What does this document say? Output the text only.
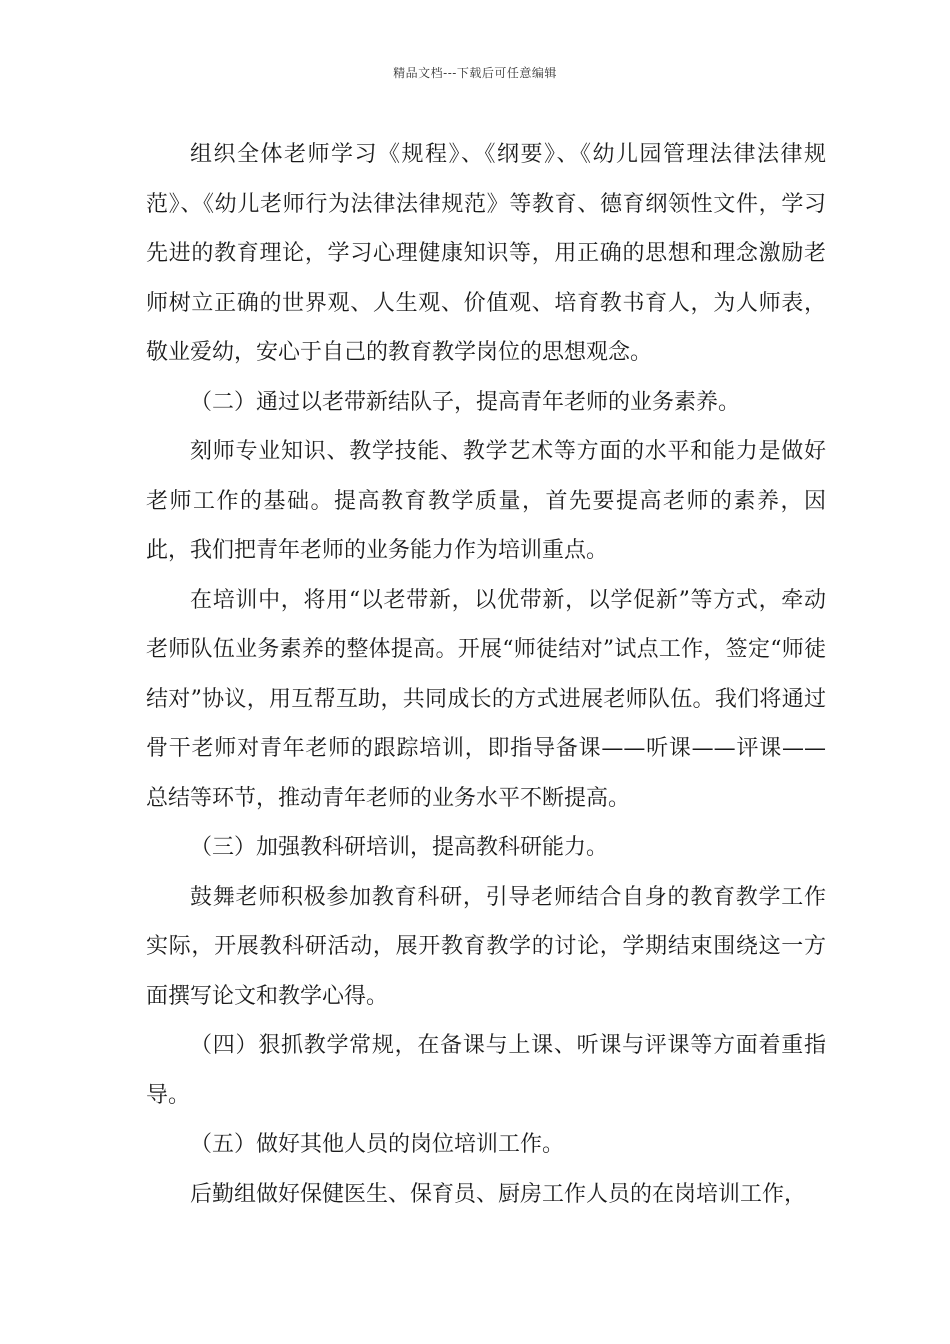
精品文档---下载后可任意编辑

组织全体老师学习《规程》、《纲要》、《幼儿园管理法律法律规范》、《幼儿老师行为法律法律规范》等教育、德育纲领性文件，学习先进的教育理论，学习心理健康知识等，用正确的思想和理念激励老师树立正确的世界观、人生观、价值观、培育教书育人，为人师表，敬业爱幼，安心于自己的教育教学岗位的思想观念。

（二）通过以老带新结队子，提高青年老师的业务素养。

刻师专业知识、教学技能、教学艺术等方面的水平和能力是做好老师工作的基础。提高教育教学质量，首先要提高老师的素养，因此，我们把青年老师的业务能力作为培训重点。

在培训中，将用“以老带新，以优带新，以学促新”等方式，牵动老师队伍业务素养的整体提高。开展“师徒结对”试点工作，签定“师徒结对”协议，用互帮互助，共同成长的方式进展老师队伍。我们将通过骨干老师对青年老师的跟踪培训，即指导备课——听课——评课——总结等环节，推动青年老师的业务水平不断提高。

（三）加强教科研培训，提高教科研能力。

鼓舞老师积极参加教育科研，引导老师结合自身的教育教学工作实际，开展教科研活动，展开教育教学的讨论，学期结束围绕这一方面撰写论文和教学心得。

（四）狠抓教学常规，在备课与上课、听课与评课等方面着重指导。

（五）做好其他人员的岗位培训工作。

后勤组做好保健医生、保育员、厨房工作人员的在岗培训工作，
